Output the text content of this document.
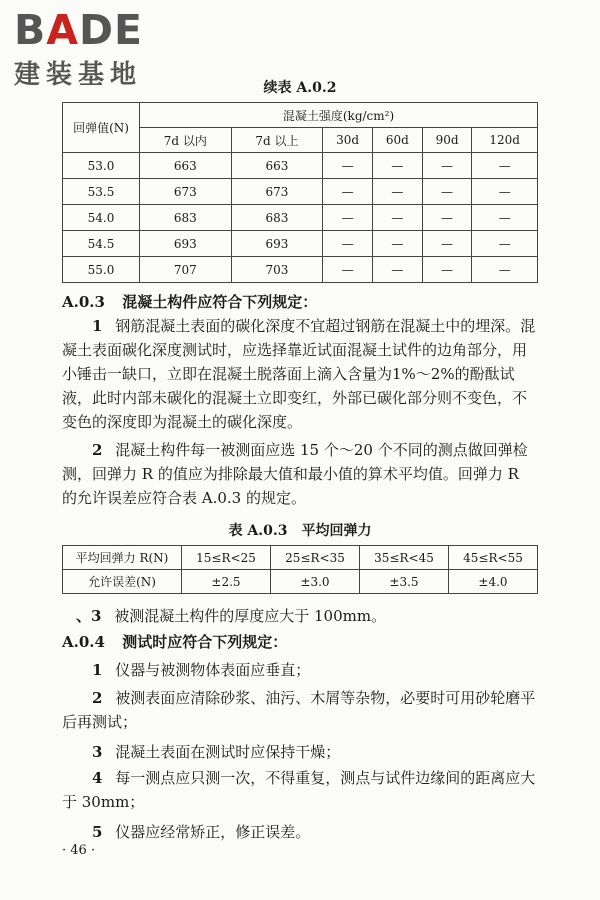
BADE
建装基地	续表 A.0.2
回弹值(N)	混凝土强度(kg/cm²)					
	7d 以内	7d 以上	30d	60d	90d	120d
53.0	663	663	—	—	—	—
53.5	673	673	—	—	—	—
54.0	683	683	—	—	—	—
54.5	693	693	—	—	—	—
55.0	707	703	—	—	—	—

A.0.3 混凝土构件应符合下列规定：

1 钢筋混凝土表面的碳化深度不宜超过钢筋在混凝土中的埋深。混凝土表面碳化深度测试时，应选择靠近试面混凝土试件的边角部分，用小锤击一缺口，立即在混凝土脱落面上滴入含量为1%～2%的酚酞试液，此时内部未碳化的混凝土立即变红，外部已碳化部分则不变色，不变色的深度即为混凝土的碳化深度。

2 混凝土构件每一被测面应选 15 个～20 个不同的测点做回弹检测，回弹力 R 的值应为排除最大值和最小值的算术平均值。回弹力 R 的允许误差应符合表 A.0.3 的规定。

表 A.0.3　平均回弹力
平均回弹力 R(N)	15≤R<25	25≤R<35	35≤R<45	45≤R<55
允许误差(N)	±2.5	±3.0	±3.5	±4.0

、3 被测混凝土构件的厚度应大于 100mm。

A.0.4 测试时应符合下列规定：

1 仪器与被测物体表面应垂直；

2 被测表面应清除砂浆、油污、木屑等杂物，必要时可用砂轮磨平后再测试；

3 混凝土表面在测试时应保持干燥；

4 每一测点应只测一次，不得重复，测点与试件边缘间的距离应大于 30mm；

5 仪器应经常矫正，修正误差。

· 46 ·
